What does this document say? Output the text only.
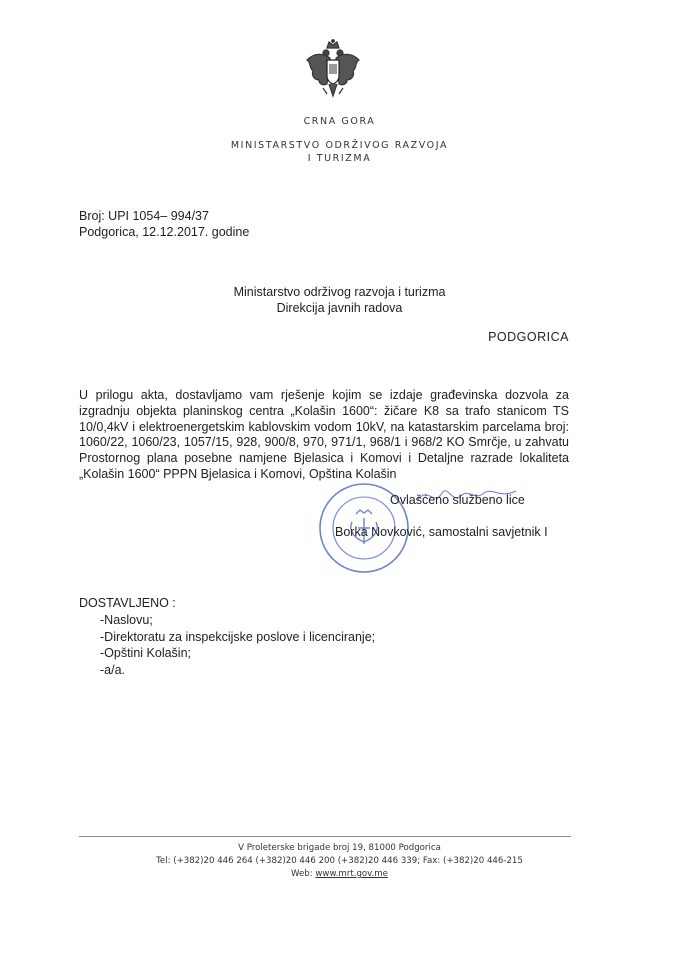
CRNA GORA
MINISTARSTVO ODRŽIVOG RAZVOJA
I TURIZMA
Broj: UPI 1054– 994/37
Podgorica, 12.12.2017. godine
Ministarstvo održivog razvoja i turizma
Direkcija javnih radova
PODGORICA
U prilogu akta, dostavljamo vam rješenje kojim se izdaje građevinska dozvola za izgradnju objekta planinskog centra „Kolašin 1600“: žičare K8 sa trafo stanicom TS 10/0,4kV i elektroenergetskim kablovskim vodom 10kV, na katastarskim parcelama broj: 1060/22, 1060/23, 1057/15, 928, 900/8, 970, 971/1, 968/1 i 968/2 KO Smrčje, u zahvatu Prostornog plana posebne namjene Bjelasica i Komovi i Detaljne razrade lokaliteta „Kolašin 1600“ PPPN Bjelasica i Komovi, Opština Kolašin
Ovlašćeno službeno lice
Borka Novković, samostalni savjetnik I
DOSTAVLJENO :
-Naslovu;
-Direktoratu za inspekcijske poslove i licenciranje;
-Opštini Kolašin;
-a/a.
V Proleterske brigade broj 19, 81000 Podgorica
Tel: (+382)20 446 264 (+382)20 446 200 (+382)20 446 339; Fax: (+382)20 446-215
Web: www.mrt.gov.me
